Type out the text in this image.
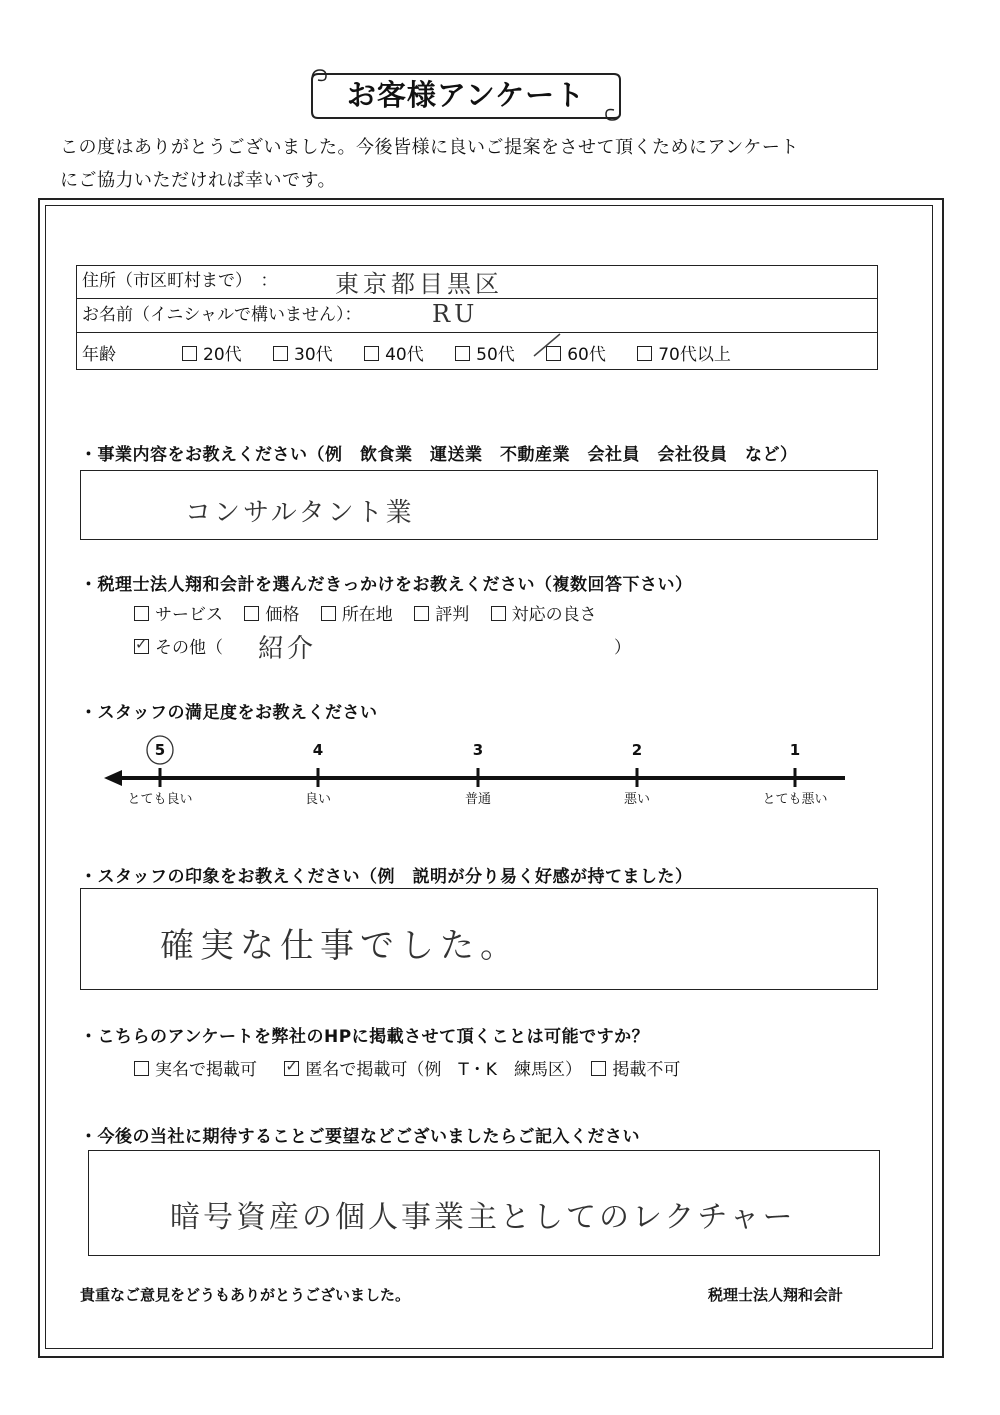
お客様アンケート
この度はありがとうございました。今後皆様に良いご提案をさせて頂くためにアンケート
にご協力いただければ幸いです。
住所（市区町村まで）　： 東京都目黒区
お名前（イニシャルで構いません）：	RU
年齢	20代	30代	40代	50代	60代	70代以上
・事業内容をお教えください（例　飲食業　運送業　不動産業　会社員　会社役員　など）
コンサルタント業
・税理士法人翔和会計を選んだきっかけをお教えください（複数回答下さい）
サービス 価格 所在地 評判 対応の良さ
✓その他（ 紹介	）
・スタッフの満足度をお教えください
5
とても良い
4
良い
3
普通
2
悪い
1
とても悪い
・スタッフの印象をお教えください（例　説明が分り易く好感が持てました）
確実な仕事でした。
・こちらのアンケートを弊社のHPに掲載させて頂くことは可能ですか？
実名で掲載可 ✓	匿名で掲載可（例　T・K　練馬区） 掲載不可
・今後の当社に期待することご要望などございましたらご記入ください
暗号資産の個人事業主としてのレクチャー
貴重なご意見をどうもありがとうございました。	税理士法人翔和会計
